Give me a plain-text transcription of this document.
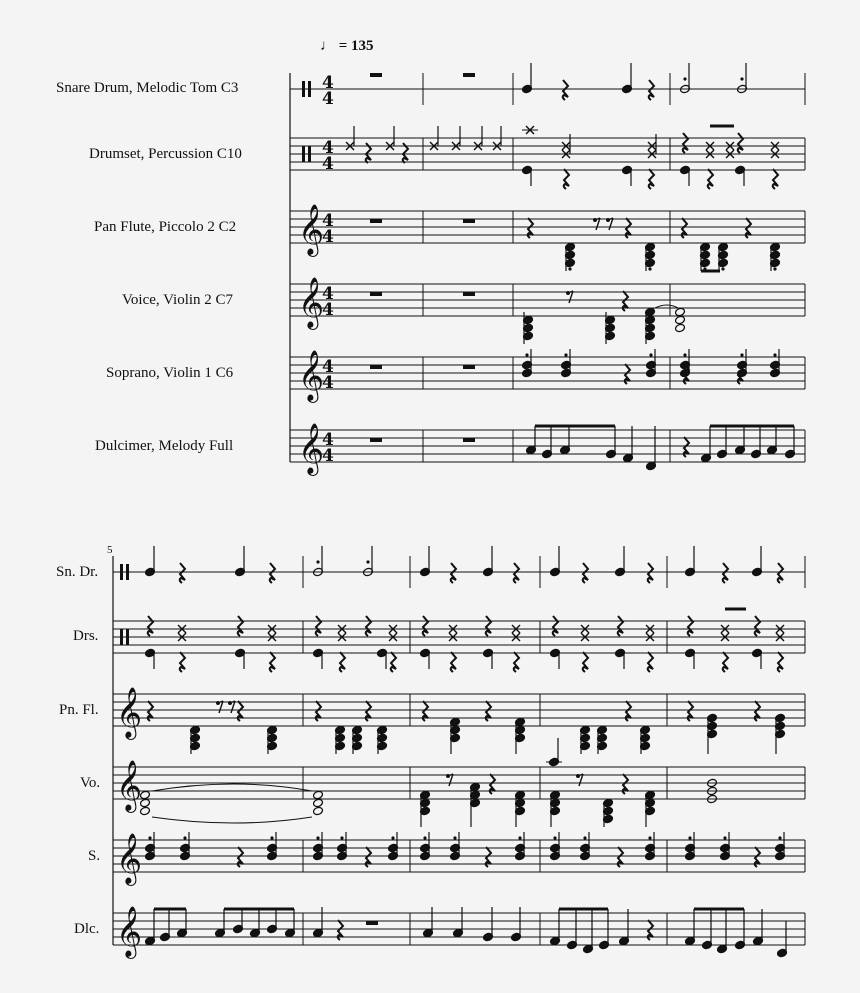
♩ = 135
Snare Drum, Melodic Tom C3
Drumset, Percussion C10
Pan Flute, Piccolo 2 C2
Voice, Violin 2 C7
Soprano, Violin 1 C6
Dulcimer, Melody Full
5
Sn. Dr.
Drs.
Pn. Fl.
Vo.
S.
Dlc.
4
4
4
4
𝄞
4
4
𝄞
4
4
𝄞
4
4
𝄞
4
4
𝄞
𝄞
𝄞
𝄞
